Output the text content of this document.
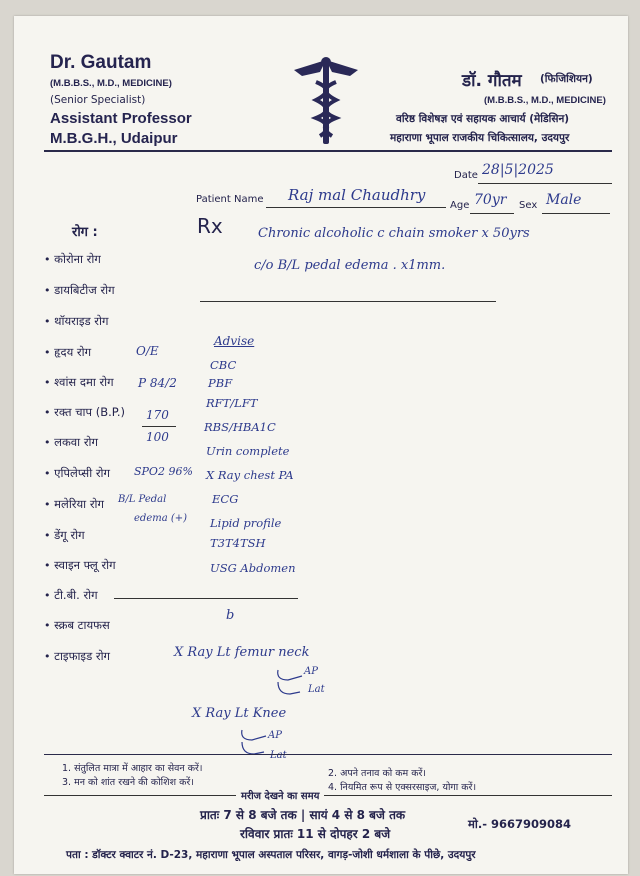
Dr. Gautam
(M.B.B.S., M.D., MEDICINE)
(Senior Specialist)
Assistant Professor
M.B.G.H., Udaipur
डॉ. गौतम (फिजिशियन)
(M.B.B.S., M.D., MEDICINE)
वरिष्ठ विशेषज्ञ एवं सहायक आचार्य (मेडिसिन)
महाराणा भूपाल राजकीय चिकित्सालय, उदयपुर
Date 28|5|2025
Patient Name Raj mal Chaudhry
Age 70yr Sex Male
Rx
रोग :
• कोरोना रोग
• डायबिटीज रोग
• थॉयराइड रोग
• हृदय रोग
• श्वांस दमा रोग
• रक्त चाप (B.P.)
• लकवा रोग
• एपिलेप्सी रोग
• मलेरिया रोग
• डेंगू रोग
• स्वाइन फ्लू रोग
• टी.बी. रोग
• स्क्रब टायफस
• टाइफाइड रोग
Chronic alcoholic c chain smoker x 50yrs
c/o B/L pedal edema . x1mm.
O/E
P 84/2
170
100
SPO2 96%
B/L Pedal
edema (+)
Advise
CBC
PBF
RFT/LFT
RBS/HBA1C
Urin complete
X Ray chest PA
ECG
Lipid profile
T3T4TSH
USG Abdomen
b
X Ray Lt femur neck
AP
Lat
X Ray Lt Knee
AP
Lat
1. संतुलित मात्रा में आहार का सेवन करें।	2. अपने तनाव को कम करें।
3. मन को शांत रखने की कोशिश करें।	4. नियमित रूप से एक्सरसाइज, योगा करें।
मरीज देखने का समय
प्रातः 7 से 8 बजे तक | सायं 4 से 8 बजे तक
रविवार प्रातः 11 से दोपहर 2 बजे
मो.- 9667909084
पता : डॉक्टर क्वाटर नं. D-23, महाराणा भूपाल अस्पताल परिसर, वागड़-जोशी धर्मशाला के पीछे, उदयपुर
